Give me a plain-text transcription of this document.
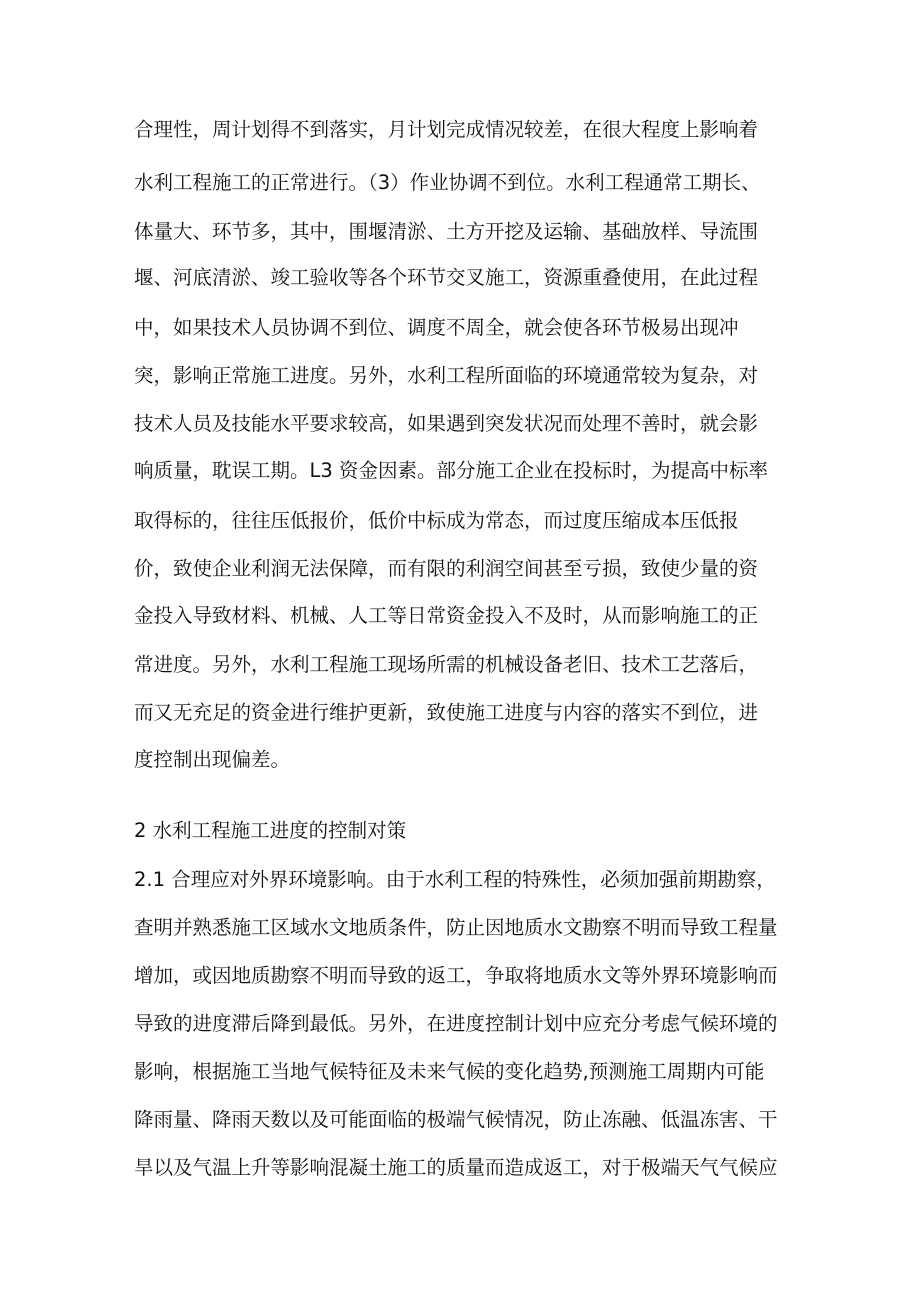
合理性，周计划得不到落实，月计划完成情况较差，在很大程度上影响着
水利工程施工的正常进行。（3）作业协调不到位。水利工程通常工期长、
体量大、环节多，其中，围堰清淤、土方开挖及运输、基础放样、导流围
堰、河底清淤、竣工验收等各个环节交叉施工，资源重叠使用，在此过程
中，如果技术人员协调不到位、调度不周全，就会使各环节极易出现冲
突，影响正常施工进度。另外，水利工程所面临的环境通常较为复杂，对
技术人员及技能水平要求较高，如果遇到突发状况而处理不善时，就会影
响质量，耽误工期。L3 资金因素。部分施工企业在投标时，为提高中标率
取得标的，往往压低报价，低价中标成为常态，而过度压缩成本压低报
价，致使企业利润无法保障，而有限的利润空间甚至亏损，致使少量的资
金投入导致材料、机械、人工等日常资金投入不及时，从而影响施工的正
常进度。另外，水利工程施工现场所需的机械设备老旧、技术工艺落后，
而又无充足的资金进行维护更新，致使施工进度与内容的落实不到位，进
度控制出现偏差。
2 水利工程施工进度的控制对策
2.1 合理应对外界环境影响。由于水利工程的特殊性，必须加强前期勘察，
查明并熟悉施工区域水文地质条件，防止因地质水文勘察不明而导致工程量
增加，或因地质勘察不明而导致的返工，争取将地质水文等外界环境影响而
导致的进度滞后降到最低。另外，在进度控制计划中应充分考虑气候环境的
影响，根据施工当地气候特征及未来气候的变化趋势,预测施工周期内可能
降雨量、降雨天数以及可能面临的极端气候情况，防止冻融、低温冻害、干
旱以及气温上升等影响混凝土施工的质量而造成返工，对于极端天气气候应
